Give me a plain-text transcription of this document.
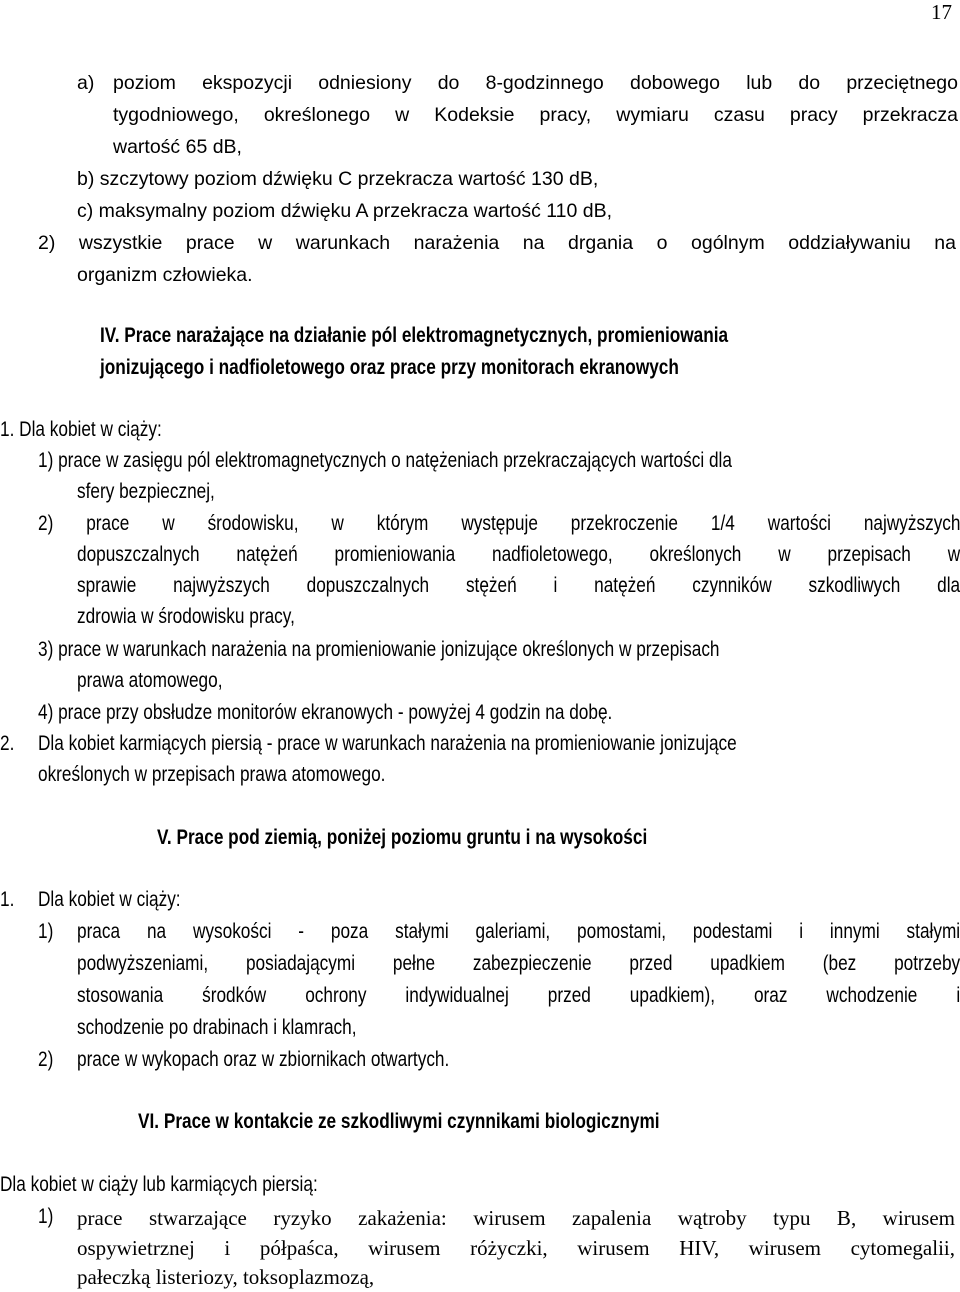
17
a) poziom ekspozycji odniesiony do 8-godzinnego dobowego lub do przeciętnego
tygodniowego, określonego w Kodeksie pracy, wymiaru czasu pracy przekracza
wartość 65 dB,
b) szczytowy poziom dźwięku C przekracza wartość 130 dB,
c) maksymalny poziom dźwięku A przekracza wartość 110 dB,
2) wszystkie prace w warunkach narażenia na drgania o ogólnym oddziaływaniu na
organizm człowieka.
IV. Prace narażające na działanie pól elektromagnetycznych, promieniowania
jonizującego i nadfioletowego oraz prace przy monitorach ekranowych
1. Dla kobiet w ciąży:
1) prace w zasięgu pól elektromagnetycznych o natężeniach przekraczających wartości dla
sfery bezpiecznej,
2) prace w środowisku, w którym występuje przekroczenie 1/4 wartości najwyższych
dopuszczalnych natężeń promieniowania nadfioletowego, określonych w przepisach w
sprawie najwyższych dopuszczalnych stężeń i natężeń czynników szkodliwych dla
zdrowia w środowisku pracy,
3) prace w warunkach narażenia na promieniowanie jonizujące określonych w przepisach
prawa atomowego,
4) prace przy obsłudze monitorów ekranowych - powyżej 4 godzin na dobę.
2. Dla kobiet karmiących piersią - prace w warunkach narażenia na promieniowanie jonizujące
określonych w przepisach prawa atomowego.
V. Prace pod ziemią, poniżej poziomu gruntu i na wysokości
1. Dla kobiet w ciąży:
1) praca na wysokości - poza stałymi galeriami, pomostami, podestami i innymi stałymi
podwyższeniami, posiadającymi pełne zabezpieczenie przed upadkiem (bez potrzeby
stosowania środków ochrony indywidualnej przed upadkiem), oraz wchodzenie i
schodzenie po drabinach i klamrach,
2) prace w wykopach oraz w zbiornikach otwartych.
VI. Prace w kontakcie ze szkodliwymi czynnikami biologicznymi
Dla kobiet w ciąży lub karmiących piersią:
1) prace stwarzające ryzyko zakażenia: wirusem zapalenia wątroby typu B, wirusem
ospywietrznej i półpaśca, wirusem różyczki, wirusem HIV, wirusem cytomegalii,
pałeczką listeriozy, toksoplazmozą,
